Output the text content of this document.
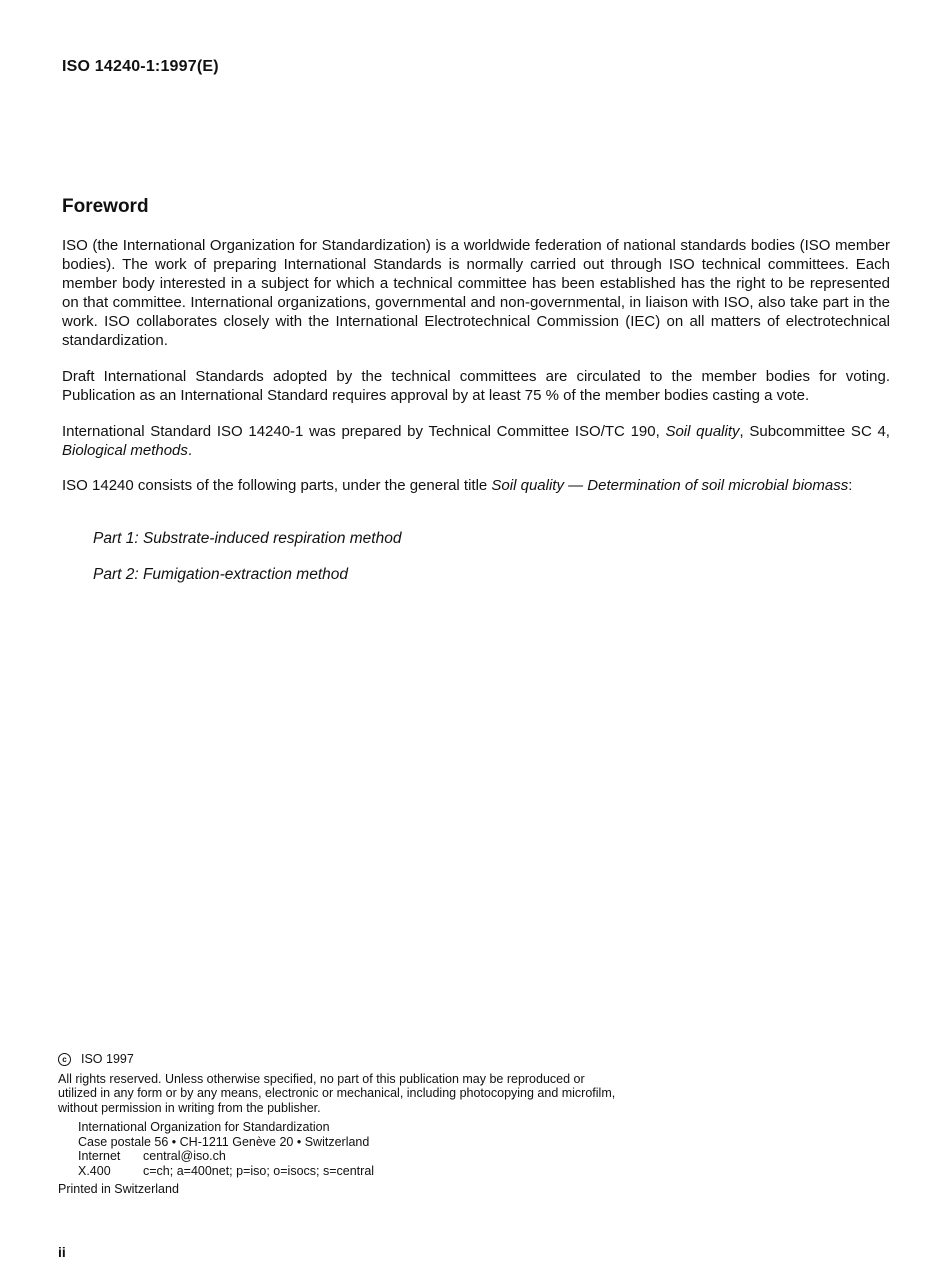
ISO 14240-1:1997(E)
Foreword

ISO (the International Organization for Standardization) is a worldwide federation of national standards bodies (ISO member bodies). The work of preparing International Standards is normally carried out through ISO technical committees. Each member body interested in a subject for which a technical committee has been established has the right to be represented on that committee. International organizations, governmental and non-governmental, in liaison with ISO, also take part in the work. ISO collaborates closely with the International Electrotechnical Commission (IEC) on all matters of electrotechnical standardization.

Draft International Standards adopted by the technical committees are circulated to the member bodies for voting. Publication as an International Standard requires approval by at least 75 % of the member bodies casting a vote.

International Standard ISO 14240-1 was prepared by Technical Committee ISO/TC 190, Soil quality, Subcommittee SC 4, Biological methods.

ISO 14240 consists of the following parts, under the general title Soil quality — Determination of soil microbial biomass:

Part 1: Substrate-induced respiration method
Part 2: Fumigation-extraction method
c	ISO 1997
All rights reserved. Unless otherwise specified, no part of this publication may be reproduced or utilized in any form or by any means, electronic or mechanical, including photocopying and microfilm, without permission in writing from the publisher.
International Organization for Standardization
Case postale 56 • CH-1211 Genève 20 • Switzerland
Internet	central@iso.ch
X.400	c=ch; a=400net; p=iso; o=isocs; s=central
Printed in Switzerland
ii
